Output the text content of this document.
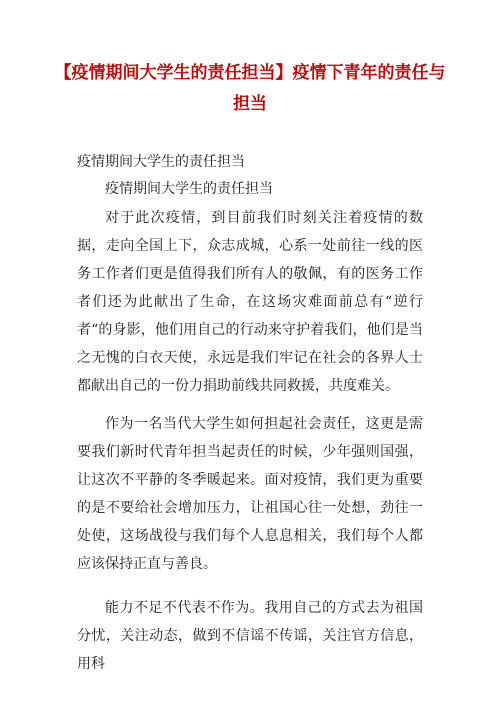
【疫情期间大学生的责任担当】疫情下青年的责任与担当

疫情期间大学生的责任担当

疫情期间大学生的责任担当

对于此次疫情，到目前我们时刻关注着疫情的数据，走向全国上下，众志成城，心系一处前往一线的医务工作者们更是值得我们所有人的敬佩，有的医务工作者们还为此献出了生命，在这场灾难面前总有“逆行者“的身影，他们用自己的行动来守护着我们，他们是当之无愧的白衣天使，永远是我们牢记在社会的各界人士都献出自己的一份力捐助前线共同救援，共度难关。

作为一名当代大学生如何担起社会责任，这更是需要我们新时代青年担当起责任的时候，少年强则国强，让这次不平静的冬季暖起来。面对疫情，我们更为重要的是不要给社会增加压力，让祖国心往一处想，劲往一处使，这场战役与我们每个人息息相关，我们每个人都应该保持正直与善良。

能力不足不代表不作为。我用自己的方式去为祖国分忧，关注动态，做到不信谣不传谣，关注官方信息，用科
